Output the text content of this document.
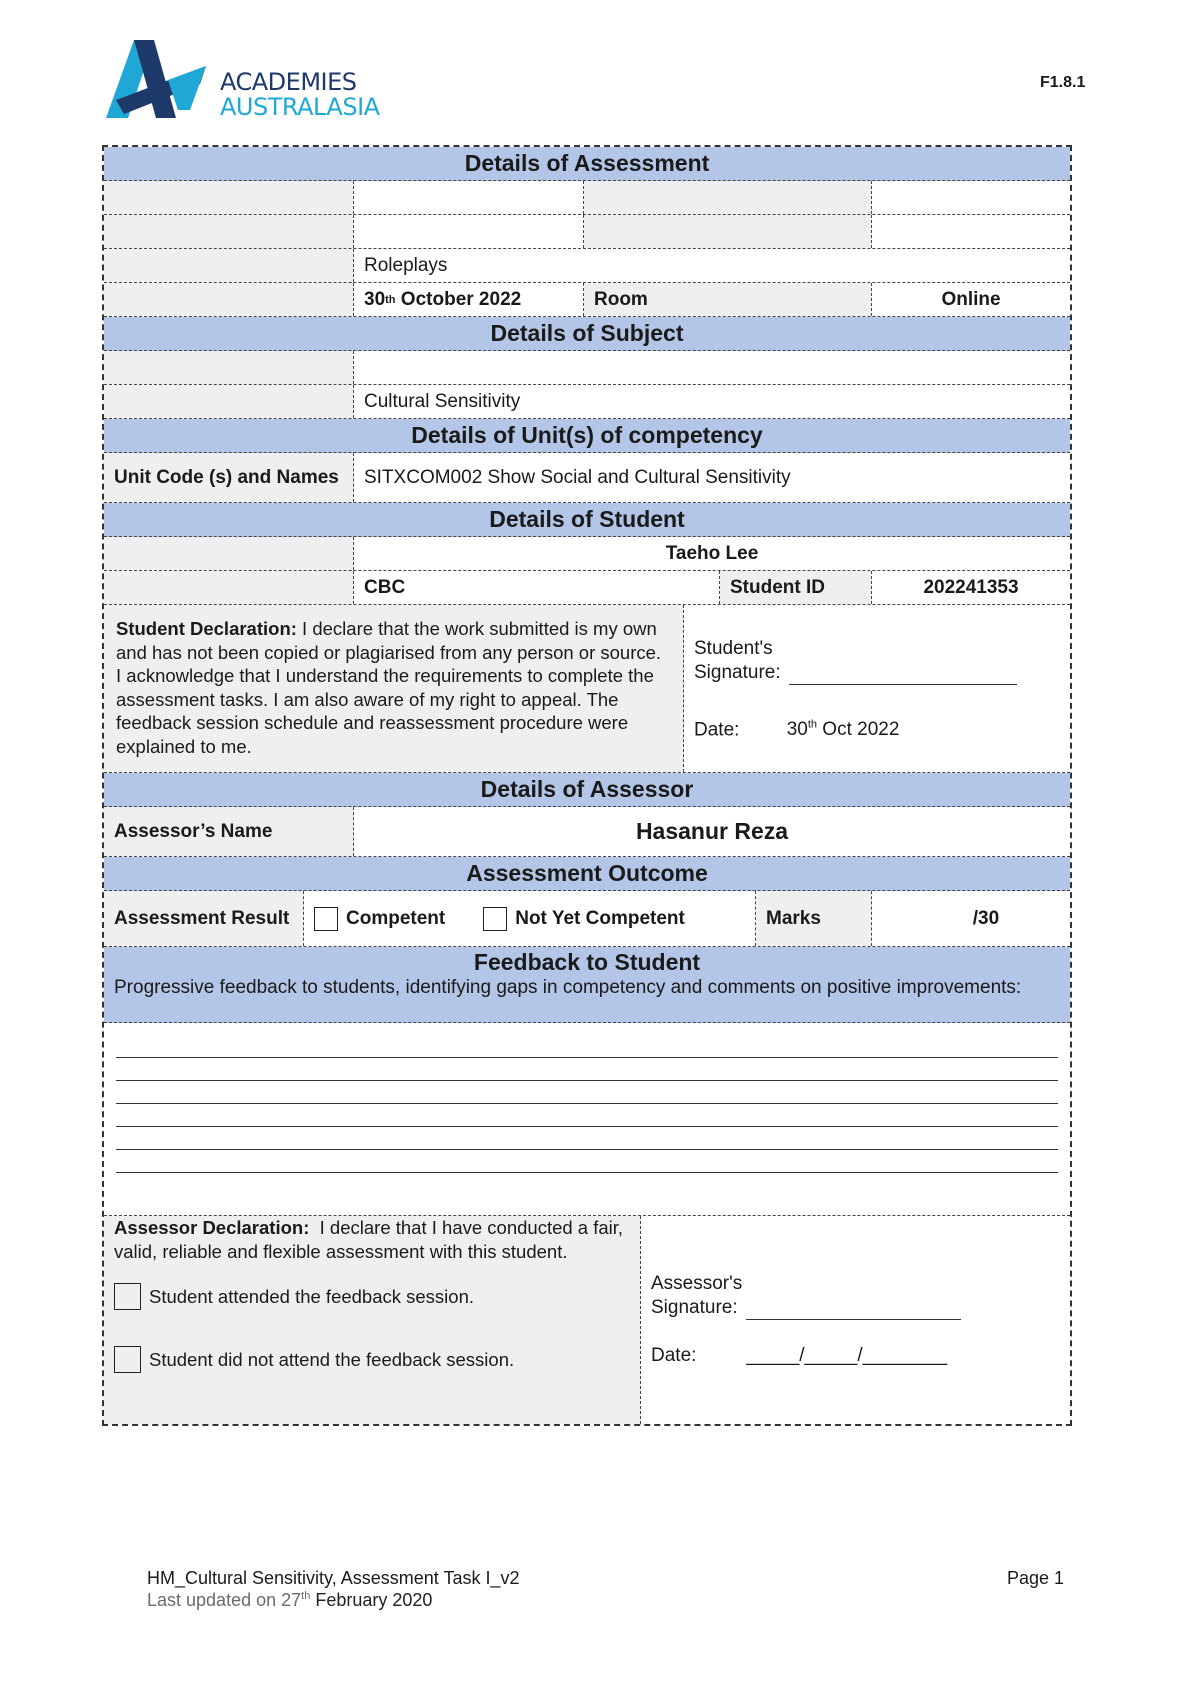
ACADEMIES
AUSTRALASIA
F1.8.1
Details of Assessment
Roleplays
30 th October 2022	Room	Online
Details of Subject
Cultural Sensitivity
Details of Unit(s) of competency
Unit Code (s) and Names	SITXCOM002 Show Social and Cultural Sensitivity
Details of Student
Taeho Lee
CBC	Student ID	202241353
Student Declaration: I declare that the work submitted is my own and has not been copied or plagiarised from any person or source. I acknowledge that I understand the requirements to complete the assessment tasks. I am also aware of my right to appeal. The feedback session schedule and reassessment procedure were explained to me.
Student's
Signature:
Date: 30th Oct 2022
Details of Assessor
Assessor’s Name	Hasanur Reza
Assessment Outcome
Assessment Result	Competent	Not Yet Competent	Marks	/30
Feedback to Student
Progressive feedback to students, identifying gaps in competency and comments on positive improvements:
Assessor Declaration:  I declare that I have conducted a fair, valid, reliable and flexible assessment with this student.
Student attended the feedback session.
Student did not attend the feedback session.
Assessor's
Signature:
Date:	_____/_____/________
HM_Cultural Sensitivity, Assessment Task I_v2
Last updated on 27th February 2020
Page 1
